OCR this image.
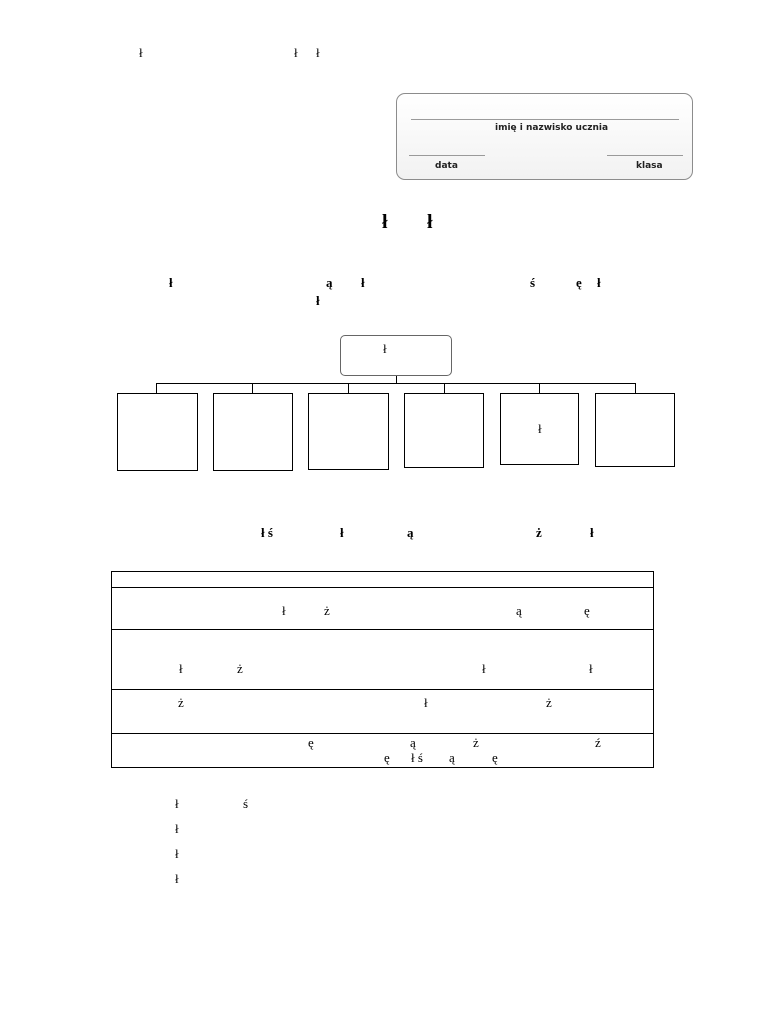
ł	ł ł
imię i nazwisko ucznia
data	klasa
ł ł
ł	ą ł	ś	ę ł
ł
ł
ł
ł ś	ł	ą	ż	ł
ł	ż	ą	ę
ł	ż	ł	ł
ż	ł	ż
ę	ą	ż	ź
ę ł ś ą	ę
ł	ś
ł
ł
ł
